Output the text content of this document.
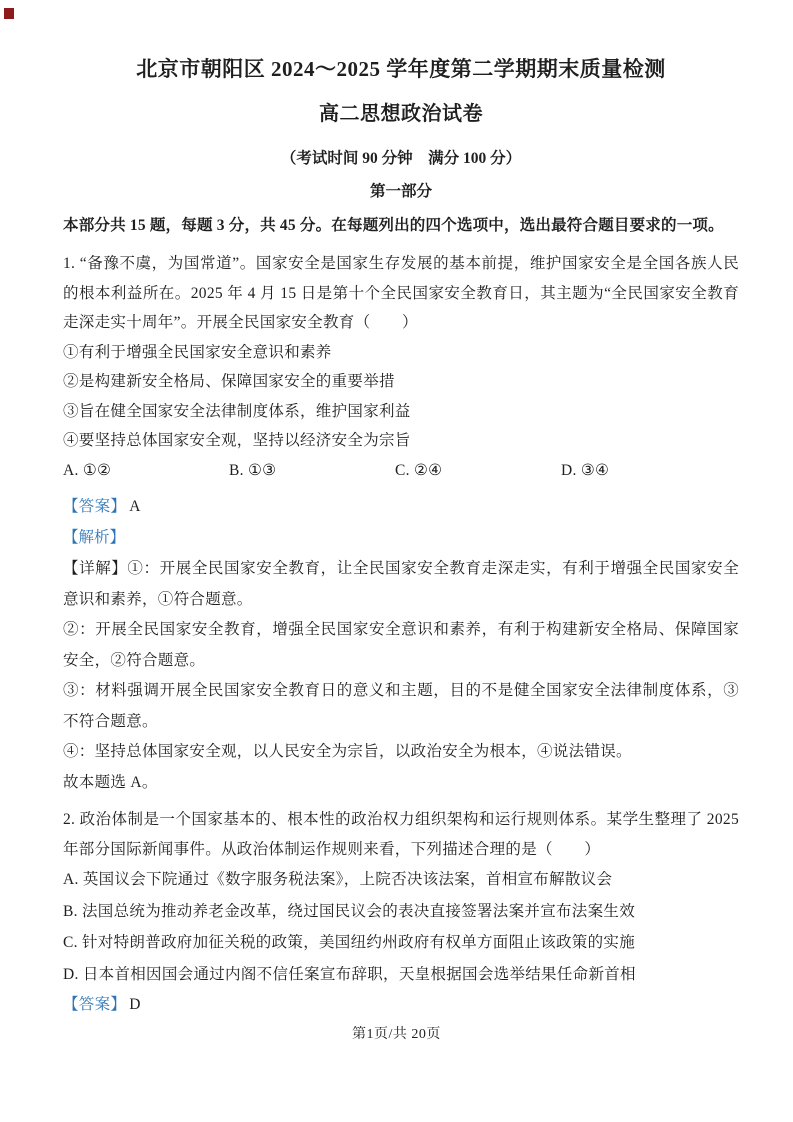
北京市朝阳区 2024～2025 学年度第二学期期末质量检测
高二思想政治试卷
（考试时间 90 分钟　满分 100 分）
第一部分

本部分共 15 题，每题 3 分，共 45 分。在每题列出的四个选项中，选出最符合题目要求的一项。

1. “备豫不虞，为国常道”。国家安全是国家生存发展的基本前提，维护国家安全是全国各族人民的根本利益所在。2025 年 4 月 15 日是第十个全民国家安全教育日，其主题为“全民国家安全教育走深走实十周年”。开展全民国家安全教育（　　）

①有利于增强全民国家安全意识和素养

②是构建新安全格局、保障国家安全的重要举措

③旨在健全国家安全法律制度体系，维护国家利益

④要坚持总体国家安全观，坚持以经济安全为宗旨

A. ①②	B. ①③	C. ②④	D. ③④

【答案】 A

【解析】

【详解】①：开展全民国家安全教育，让全民国家安全教育走深走实，有利于增强全民国家安全意识和素养，①符合题意。

②：开展全民国家安全教育，增强全民国家安全意识和素养，有利于构建新安全格局、保障国家安全，②符合题意。

③：材料强调开展全民国家安全教育日的意义和主题，目的不是健全国家安全法律制度体系，③不符合题意。

④：坚持总体国家安全观，以人民安全为宗旨，以政治安全为根本，④说法错误。

故本题选 A。

2. 政治体制是一个国家基本的、根本性的政治权力组织架构和运行规则体系。某学生整理了 2025 年部分国际新闻事件。从政治体制运作规则来看，下列描述合理的是（　　）

A. 英国议会下院通过《数字服务税法案》，上院否决该法案，首相宣布解散议会

B. 法国总统为推动养老金改革，绕过国民议会的表决直接签署法案并宣布法案生效

C. 针对特朗普政府加征关税的政策，美国纽约州政府有权单方面阻止该政策的实施

D. 日本首相因国会通过内阁不信任案宣布辞职，天皇根据国会选举结果任命新首相

【答案】 D

第1页/共 20页
